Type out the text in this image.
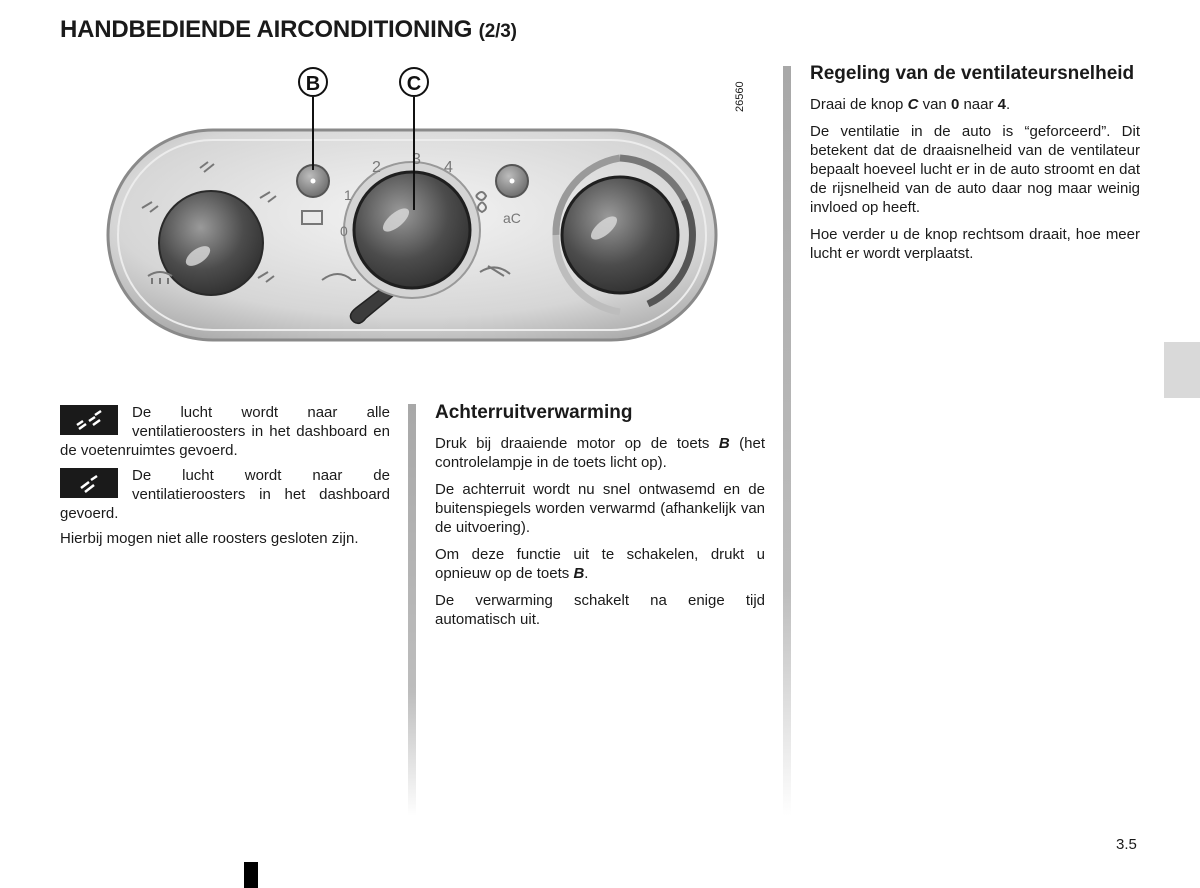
HANDBEDIENDE AIRCONDITIONING (2/3)
0
1
2 3 4
aC
B	C	26560
De lucht wordt naar alle ventilatieroosters in het dashboard en de voetenruimtes gevoerd.
De lucht wordt naar de ventilatieroosters in het dashboard gevoerd.

Hierbij mogen niet alle roosters gesloten zijn.

Achterruitverwarming

Druk bij draaiende motor op de toets B (het controlelampje in de toets licht op).

De achterruit wordt nu snel ontwasemd en de buitenspiegels worden verwarmd (afhankelijk van de uitvoering).

Om deze functie uit te schakelen, drukt u opnieuw op de toets B.

De verwarming schakelt na enige tijd automatisch uit.

Regeling van de ventilateursnelheid

Draai de knop C van 0 naar 4.

De ventilatie in de auto is “geforceerd”. Dit betekent dat de draaisnelheid van de ventilateur bepaalt hoeveel lucht er in de auto stroomt en dat de rijsnelheid van de auto daar nog maar weinig invloed op heeft.

Hoe verder u de knop rechtsom draait, hoe meer lucht er wordt verplaatst.

3.5
